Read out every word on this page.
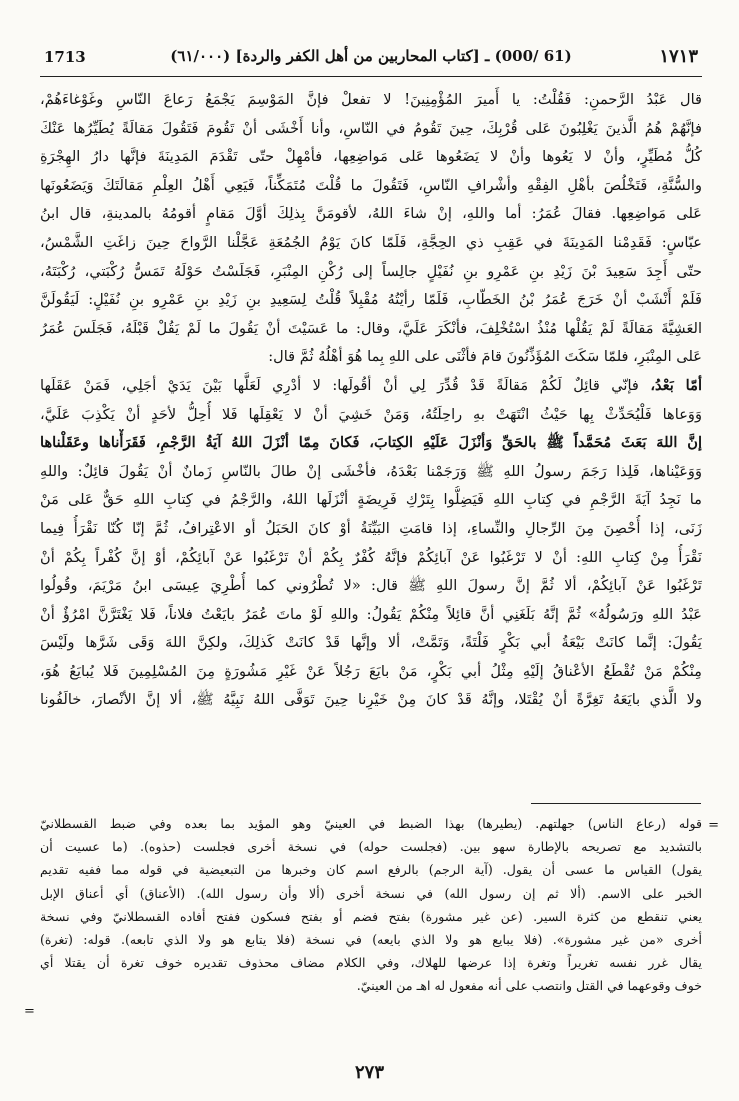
1713	(61 /000) ـ [كتاب المحاربين من أهل الكفر والردة] (٦١/٠٠٠)	١٧١٣
قال عَبْدُ الرَّحمنِ: فَقُلْتُ: يا أَميرَ المُؤْمِنِينَ! لا تفعلْ فإنَّ المَوْسِمَ يَجْمَعُ رَعاعَ النّاسِ وغَوْغاءَهُمْ،
فإنَّهُمْ هُمُ الَّذينَ يَغْلِبُونَ عَلى قُرْبِكَ، حِينَ تَقُومُ في النّاسِ، وأنا أَخْشَى أنْ تَقُومَ فَتَقُولَ مَقالَةً يُطَيِّرُها عَنْكَ
كُلُّ مُطَيِّرٍ، وأنْ لا يَعُوها وأنْ لا يَضَعُوها عَلى مَواضِعِها، فأمْهِلْ حتّى تَقْدَمَ المَدِينَةَ فإنَّها دارُ الهِجْرَةِ
والسُّنَّةِ، فَتَخْلُصَ بأهْلِ الفِقْهِ وأشْرافِ النّاسِ، فَتَقُولَ ما قُلْتَ مُتَمَكِّناً، فَيَعِي أَهْلُ العِلْمِ مَقالَتَكَ وَيَضَعُونَها
عَلى مَواضِعِها. فقالَ عُمَرُ: أما واللهِ، إنْ شاءَ اللهُ، لأقومَنَّ بِذلِكَ أوَّلَ مَقامٍ أقومُهُ بالمدينةِ، قال ابنُ
عبّاسٍ: فَقَدِمْنا المَدِينَةَ في عَقِبِ ذي الحِجَّةِ، فَلَمّا كانَ يَوْمُ الجُمُعَةِ عَجَّلْنا الرَّواحَ حِينَ زاغَتِ الشَّمْسُ،
حتّى أَجِدَ سَعِيدَ بْنَ زَيْدِ بنِ عَمْرِو بنِ نُفَيْلٍ جالِساً إلى رُكْنِ المِنْبَرِ، فَجَلَسْتُ حَوْلَهُ تَمَسُّ رُكْبَتي، رُكْبَتَهُ،
فَلَمْ أَنْشَبْ أنْ خَرَجَ عُمَرُ بْنُ الخَطّابِ، فَلَمّا رأيْتُهُ مُقْبِلاً قُلْتُ لِسَعِيدِ بنِ زَيْدِ بنِ عَمْرِو بنِ نُفَيْلٍ: لَيَقُولَنَّ
العَشِيَّةَ مَقالَةً لَمْ يَقُلْها مُنْذُ اسْتُخْلِفَ، فأنْكَرَ عَلَيَّ، وقال: ما عَسَيْتَ أنْ يَقُولَ ما لَمْ يَقُلْ قَبْلَهُ، فَجَلَسَ عُمَرُ
عَلى المِنْبَرِ، فلمّا سَكَتَ المُؤَذِّنُونَ قامَ فأثْنَى على اللهِ بِما هُوَ أهْلُهُ ثُمَّ قال:
أمّا بَعْدُ، فإنّي قائِلٌ لَكُمْ مَقالَةً قَدْ قُدِّرَ لِي أنْ أقُولَها: لا أدْرِي لَعَلَّها بَيْنَ يَدَيْ أجَلِي، فَمَنْ عَقَلَها
وَوَعاها فَلْيُحَدِّثْ بِها حَيْثُ انْتَهَتْ بهِ راحِلَتُهُ، وَمَنْ خَشِيَ أنْ لا يَعْقِلَها فَلا أُحِلُّ لأحَدٍ أنْ يَكْذِبَ عَلَيَّ،
إنَّ اللهَ بَعَثَ مُحَمَّداً ﷺ بالحَقِّ وَأنْزَلَ عَلَيْهِ الكِتابَ، فَكانَ مِمّا أنْزَلَ اللهُ آيَةُ الرَّجْمِ، فَقَرَأْناها وعَقَلْناها
وَوَعَيْناها، فَلِذا رَجَمَ رسولُ اللهِ ﷺ وَرَجَمْنا بَعْدَهُ، فأخْشَى إنْ طالَ بالنّاسِ زَمانٌ أنْ يَقُولَ قائِلٌ: واللهِ
ما نَجِدُ آيَةَ الرَّجْمِ في كِتابِ اللهِ فَيَضِلُّوا بِتَرْكِ فَرِيضَةٍ أنْزَلَها اللهُ، والرَّجْمُ في كِتابِ اللهِ حَقٌّ عَلى مَنْ
زَنَى، إذا أُحْصِنَ مِنَ الرِّجالِ والنِّساءِ، إذا قامَتِ البَيِّنَةُ أوْ كانَ الحَبَلُ أو الاعْتِرافُ، ثُمَّ إنّا كُنّا نَقْرَأُ فِيما
نَقْرَأُ مِنْ كِتابِ اللهِ: أنْ لا تَرْغَبُوا عَنْ آبائِكُمْ فإنَّهُ كُفْرٌ بِكُمْ أنْ تَرْغَبُوا عَنْ آبائِكُمْ، أوْ إنَّ كُفْراً بِكُمْ أنْ
تَرْغَبُوا عَنْ آبائِكُمْ، ألا ثُمَّ إنَّ رسولَ اللهِ ﷺ قال: «لا تُطْرُوني كما أُطْرِيَ عِيسَى ابنُ مَرْيَمَ، وقُولُوا
عَبْدُ اللهِ ورَسُولُهُ» ثُمَّ إنَّهُ بَلَغَنِي أنَّ قائِلاً مِنْكُمْ يَقُولُ: واللهِ لَوْ ماتَ عُمَرُ بايَعْتُ فلاناً، فَلا يَغْتَرَّنَّ امْرُؤٌ أنْ
يَقُولَ: إنَّما كانَتْ بَيْعَةُ أبي بَكْرٍ فَلْتَةً، وَتَمَّتْ، ألا وإنَّها قَدْ كانَتْ كَذلِكَ، ولكِنَّ اللهَ وَقَى شَرَّها ولَيْسَ
مِنْكُمْ مَنْ تُقْطَعُ الأعْناقُ إلَيْهِ مِثْلُ أبي بَكْرٍ، مَنْ بايَعَ رَجُلاً عَنْ غَيْرِ مَشُورَةٍ مِنَ المُسْلِمِينَ فَلا يُبايَعُ هُوَ،
ولا الَّذي بايَعَهُ تَغِرَّةً أنْ يُقْتَلا، وإنَّهُ قَدْ كانَ مِنْ خَيْرِنا حِينَ تَوَفَّى اللهُ نَبِيَّهُ ﷺ، ألا إنَّ الأنْصارَ، خالَفُونا
=
قوله (رعاع الناس) جهلتهم. (يطيرها) بهذا الضبط في العينيّ وهو المؤيد بما بعده وفي ضبط القسطلانيّ
بالتشديد مع تصريحه بالإطارة سهو بين. (فجلست حوله) في نسخة أخرى فجلست (حذوه). (ما عسيت أن
يقول) القياس ما عسى أن يقول. (آية الرجم) بالرفع اسم كان وخبرها من التبعيضية في قوله مما ففيه تقديم
الخبر على الاسم. (ألا ثم إن رسول الله) في نسخة أخرى (ألا وأن رسول الله). (الأعناق) أي أعناق الإبل
يعني تنقطع من كثرة السير. (عن غير مشورة) بفتح فضم أو بفتح فسكون ففتح أفاده القسطلانيّ وفي نسخة
أخرى «من غير مشورة». (فلا يبايع هو ولا الذي بايعه) في نسخة (فلا يتابع هو ولا الذي تابعه). قوله: (تغرة)
يقال غرر نفسه تغريراً وتغرة إذا عرضها للهلاك، وفي الكلام مضاف محذوف تقديره خوف تغرة أن يقتلا أي
خوف وقوعهما في القتل وانتصب على أنه مفعول له اهـ من العينيّ.
=
٢٧٣
